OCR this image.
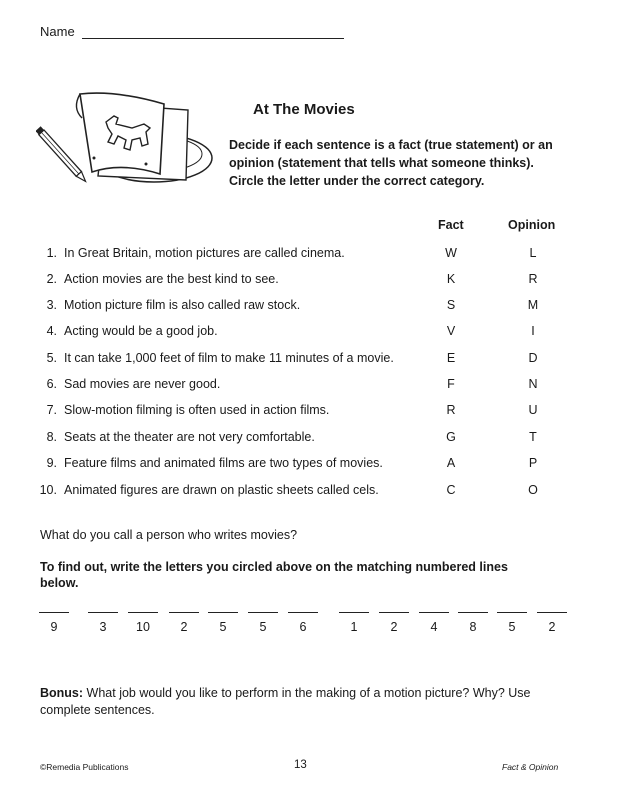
Name
At The Movies
Decide if each sentence is a fact (true statement) or an opinion (statement that tells what someone thinks). Circle the letter under the correct category.
Fact	Opinion
1. In Great Britain, motion pictures are called cinema.	W	L
2. Action movies are the best kind to see.	K	R
3. Motion picture film is also called raw stock.	S	M
4. Acting would be a good job.	V	I
5. It can take 1,000 feet of film to make 11 minutes of a movie.	E	D
6. Sad movies are never good.	F	N
7. Slow-motion filming is often used in action films.	R	U
8. Seats at the theater are not very comfortable.	G	T
9. Feature films and animated films are two types of movies.	A	P
10. Animated figures are drawn on plastic sheets called cels.	C	O
What do you call a person who writes movies?
To find out, write the letters you circled above on the matching numbered lines below.
9	3	10	2	5	5	6	1	2	4	8	5	2
Bonus: What job would you like to perform in the making of a motion picture? Why? Use complete sentences.
©Remedia Publications	13	Fact & Opinion
